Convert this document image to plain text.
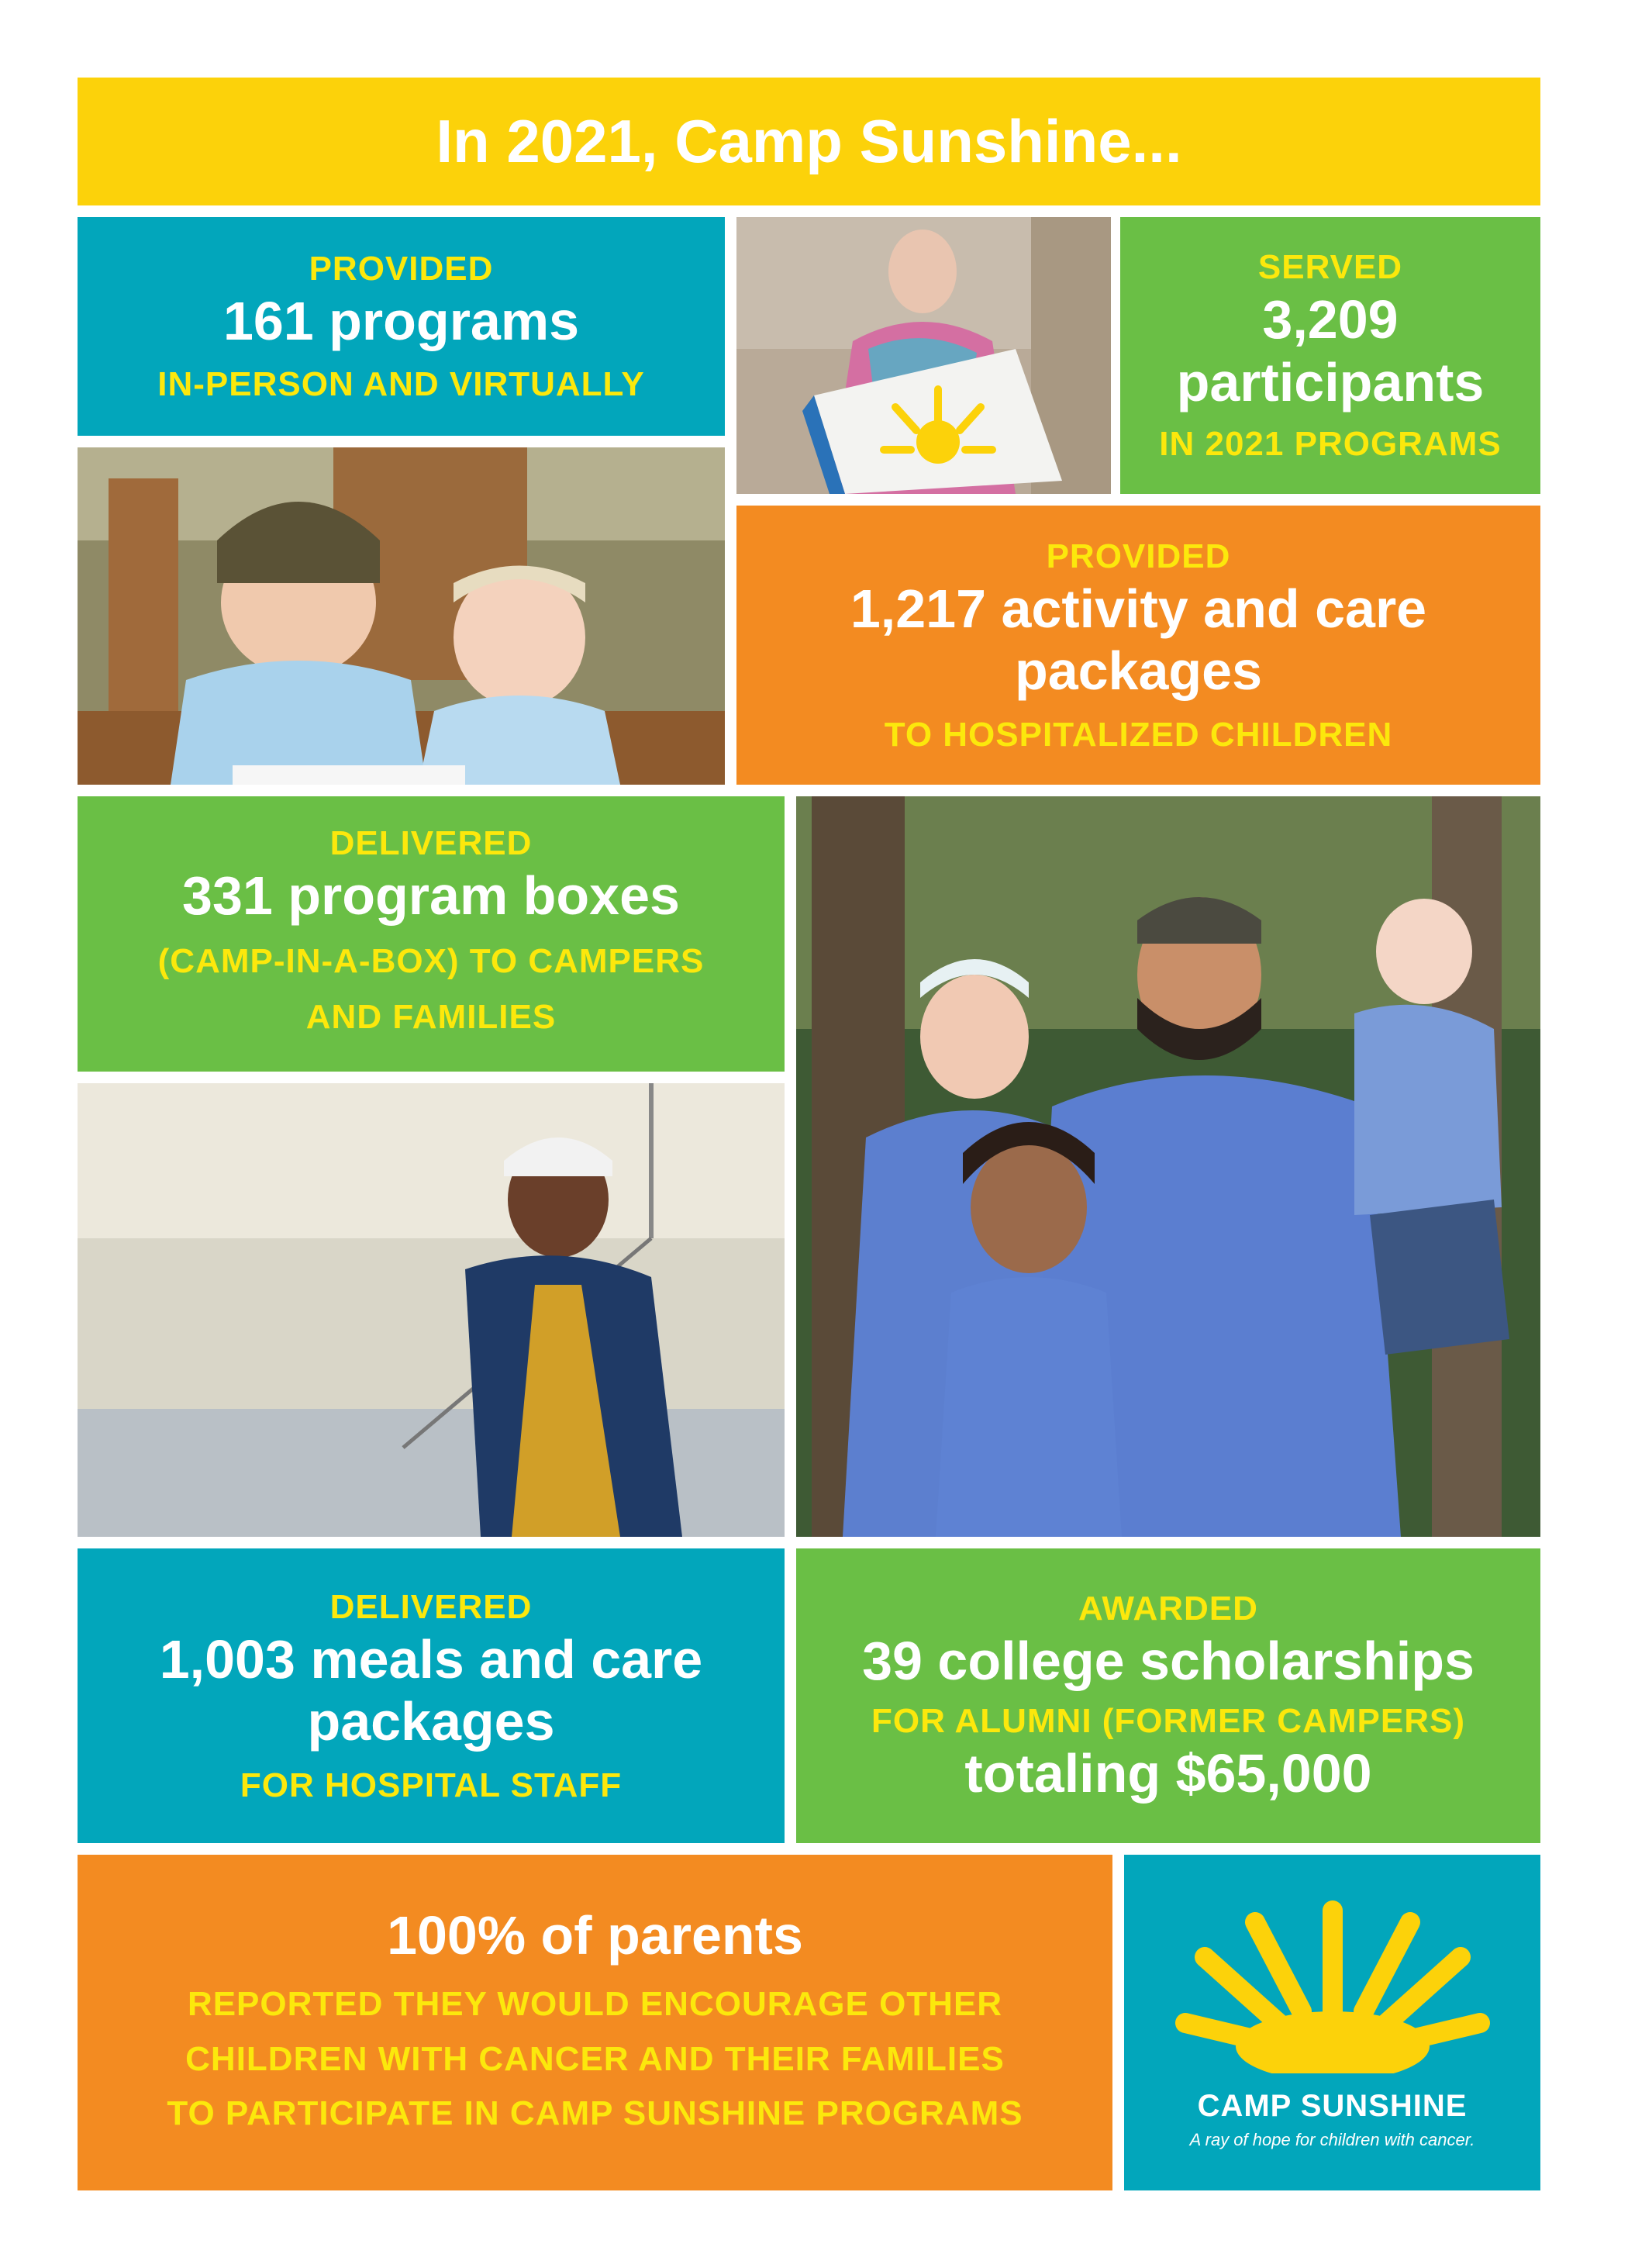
In 2021, Camp Sunshine...
PROVIDED
161 programs
IN-PERSON AND VIRTUALLY
SERVED
3,209
participants
IN 2021 PROGRAMS
PROVIDED
1,217 activity and care
packages
TO HOSPITALIZED CHILDREN
DELIVERED
331 program boxes
(CAMP-IN-A-BOX) TO CAMPERS
AND FAMILIES
DELIVERED
1,003 meals and care
packages
FOR HOSPITAL STAFF
AWARDED
39 college scholarships
FOR ALUMNI (FORMER CAMPERS)
totaling $65,000
100% of parents
REPORTED THEY WOULD ENCOURAGE OTHER
CHILDREN WITH CANCER AND THEIR FAMILIES
TO PARTICIPATE IN CAMP SUNSHINE PROGRAMS	CAMP SUNSHINE
A ray of hope for children with cancer.
